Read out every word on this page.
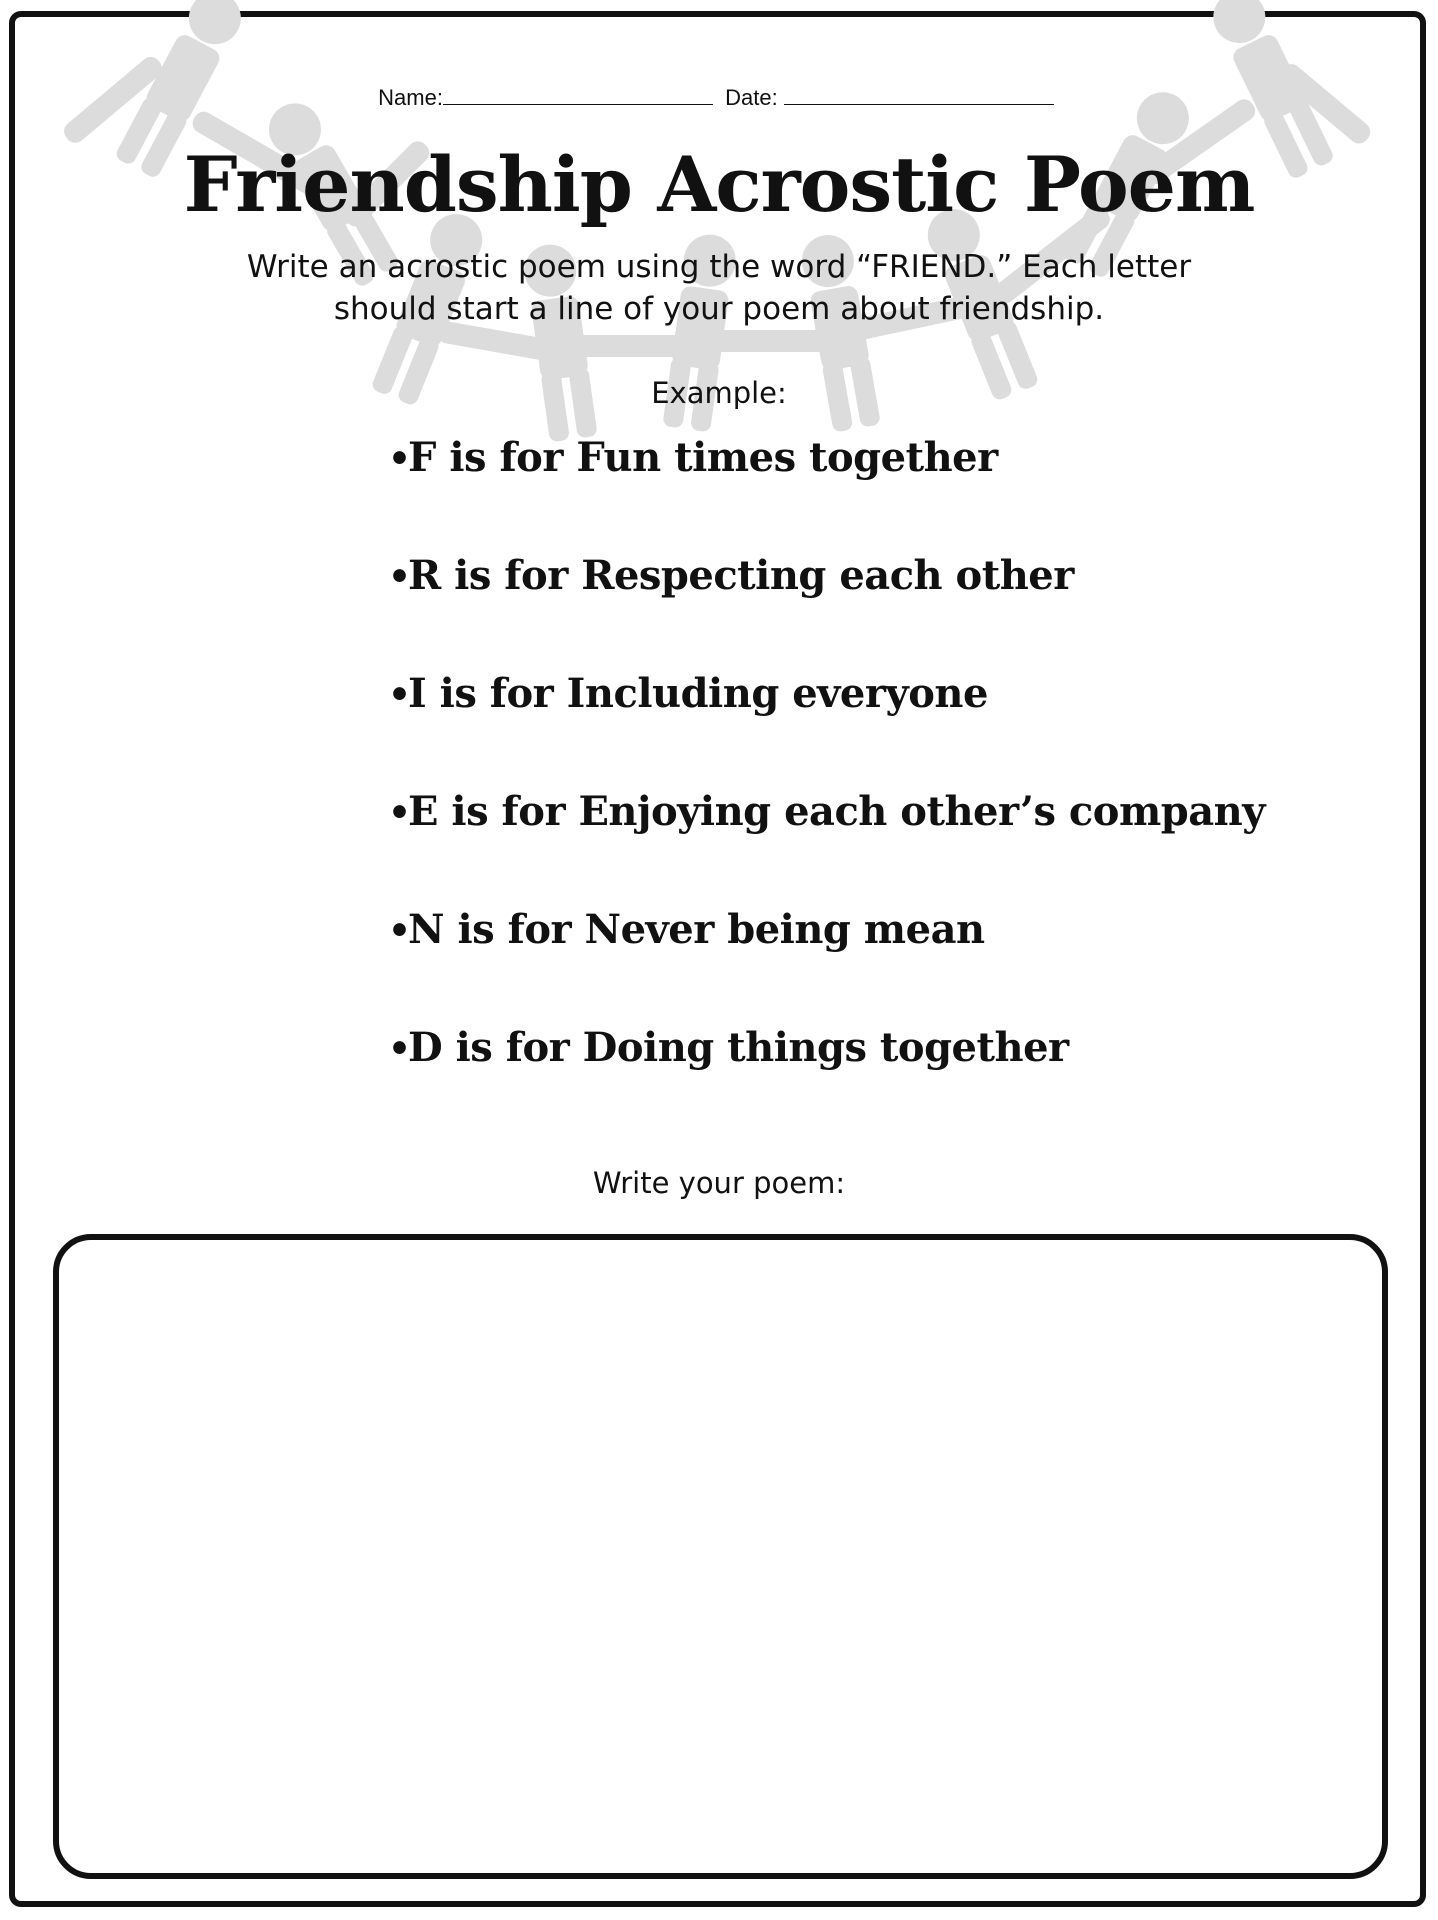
Name:	Date:
Friendship Acrostic Poem
Write an acrostic poem using the word “FRIEND.” Each letter should start a line of your poem about friendship.
Example:
•F is for Fun times together
•R is for Respecting each other
•I is for Including everyone
•E is for Enjoying each other’s company
•N is for Never being mean
•D is for Doing things together
Write your poem:
